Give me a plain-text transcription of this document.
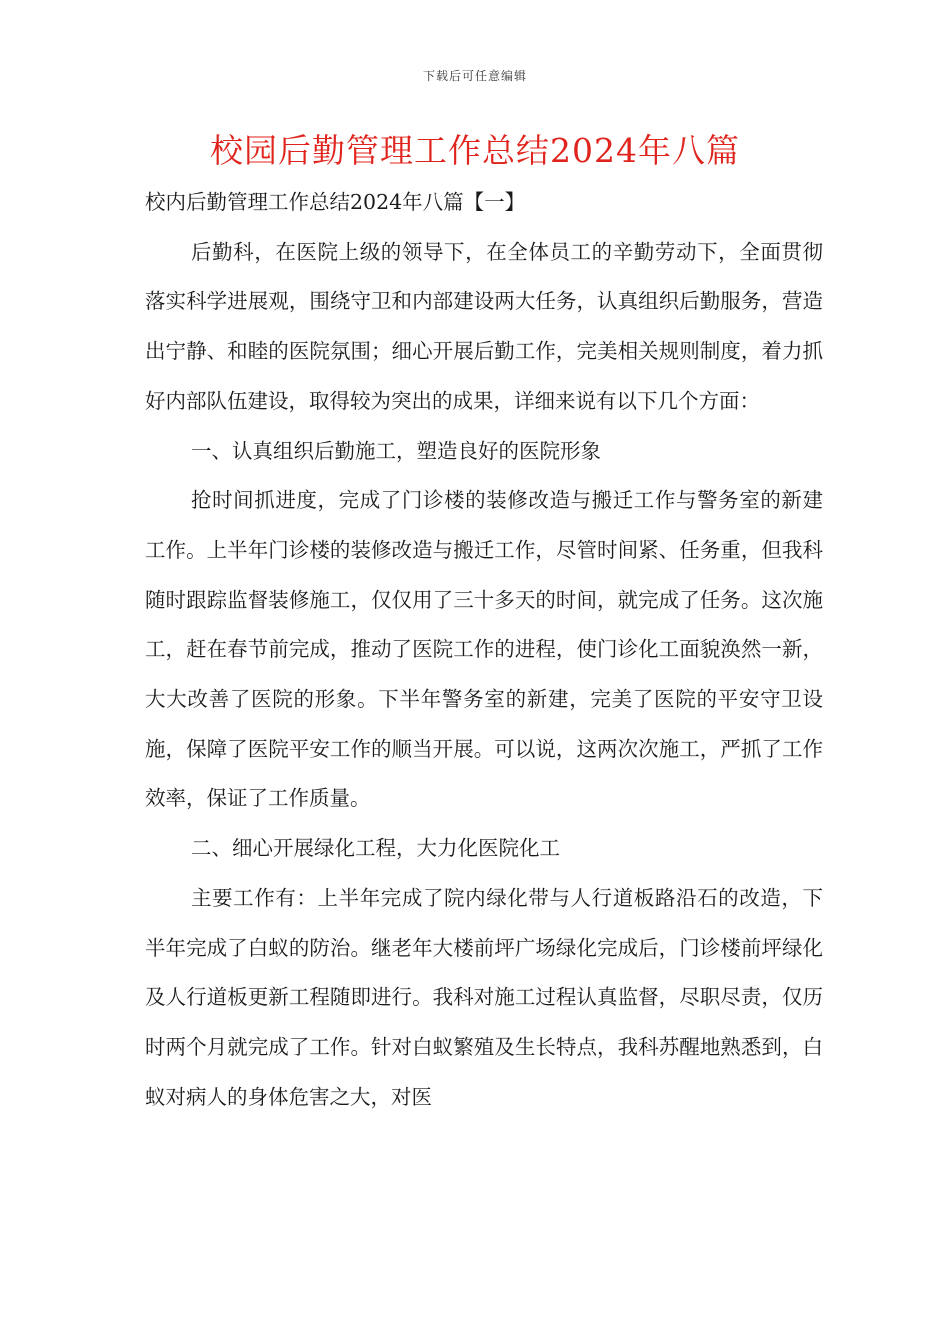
下载后可任意编辑
校园后勤管理工作总结2024年八篇

校内后勤管理工作总结2024年八篇【一】

后勤科，在医院上级的领导下，在全体员工的辛勤劳动下，全面贯彻落实科学进展观，围绕守卫和内部建设两大任务，认真组织后勤服务，营造出宁静、和睦的医院氛围；细心开展后勤工作，完美相关规则制度，着力抓好内部队伍建设，取得较为突出的成果，详细来说有以下几个方面：

一、认真组织后勤施工，塑造良好的医院形象

抢时间抓进度，完成了门诊楼的装修改造与搬迁工作与警务室的新建工作。上半年门诊楼的装修改造与搬迁工作，尽管时间紧、任务重，但我科随时跟踪监督装修施工，仅仅用了三十多天的时间，就完成了任务。这次施工，赶在春节前完成，推动了医院工作的进程，使门诊化工面貌涣然一新，大大改善了医院的形象。下半年警务室的新建，完美了医院的平安守卫设施，保障了医院平安工作的顺当开展。可以说，这两次次施工，严抓了工作效率，保证了工作质量。

二、细心开展绿化工程，大力化医院化工

主要工作有：上半年完成了院内绿化带与人行道板路沿石的改造，下半年完成了白蚁的防治。继老年大楼前坪广场绿化完成后，门诊楼前坪绿化及人行道板更新工程随即进行。我科对施工过程认真监督，尽职尽责，仅历时两个月就完成了工作。针对白蚁繁殖及生长特点，我科苏醒地熟悉到，白蚁对病人的身体危害之大，对医
